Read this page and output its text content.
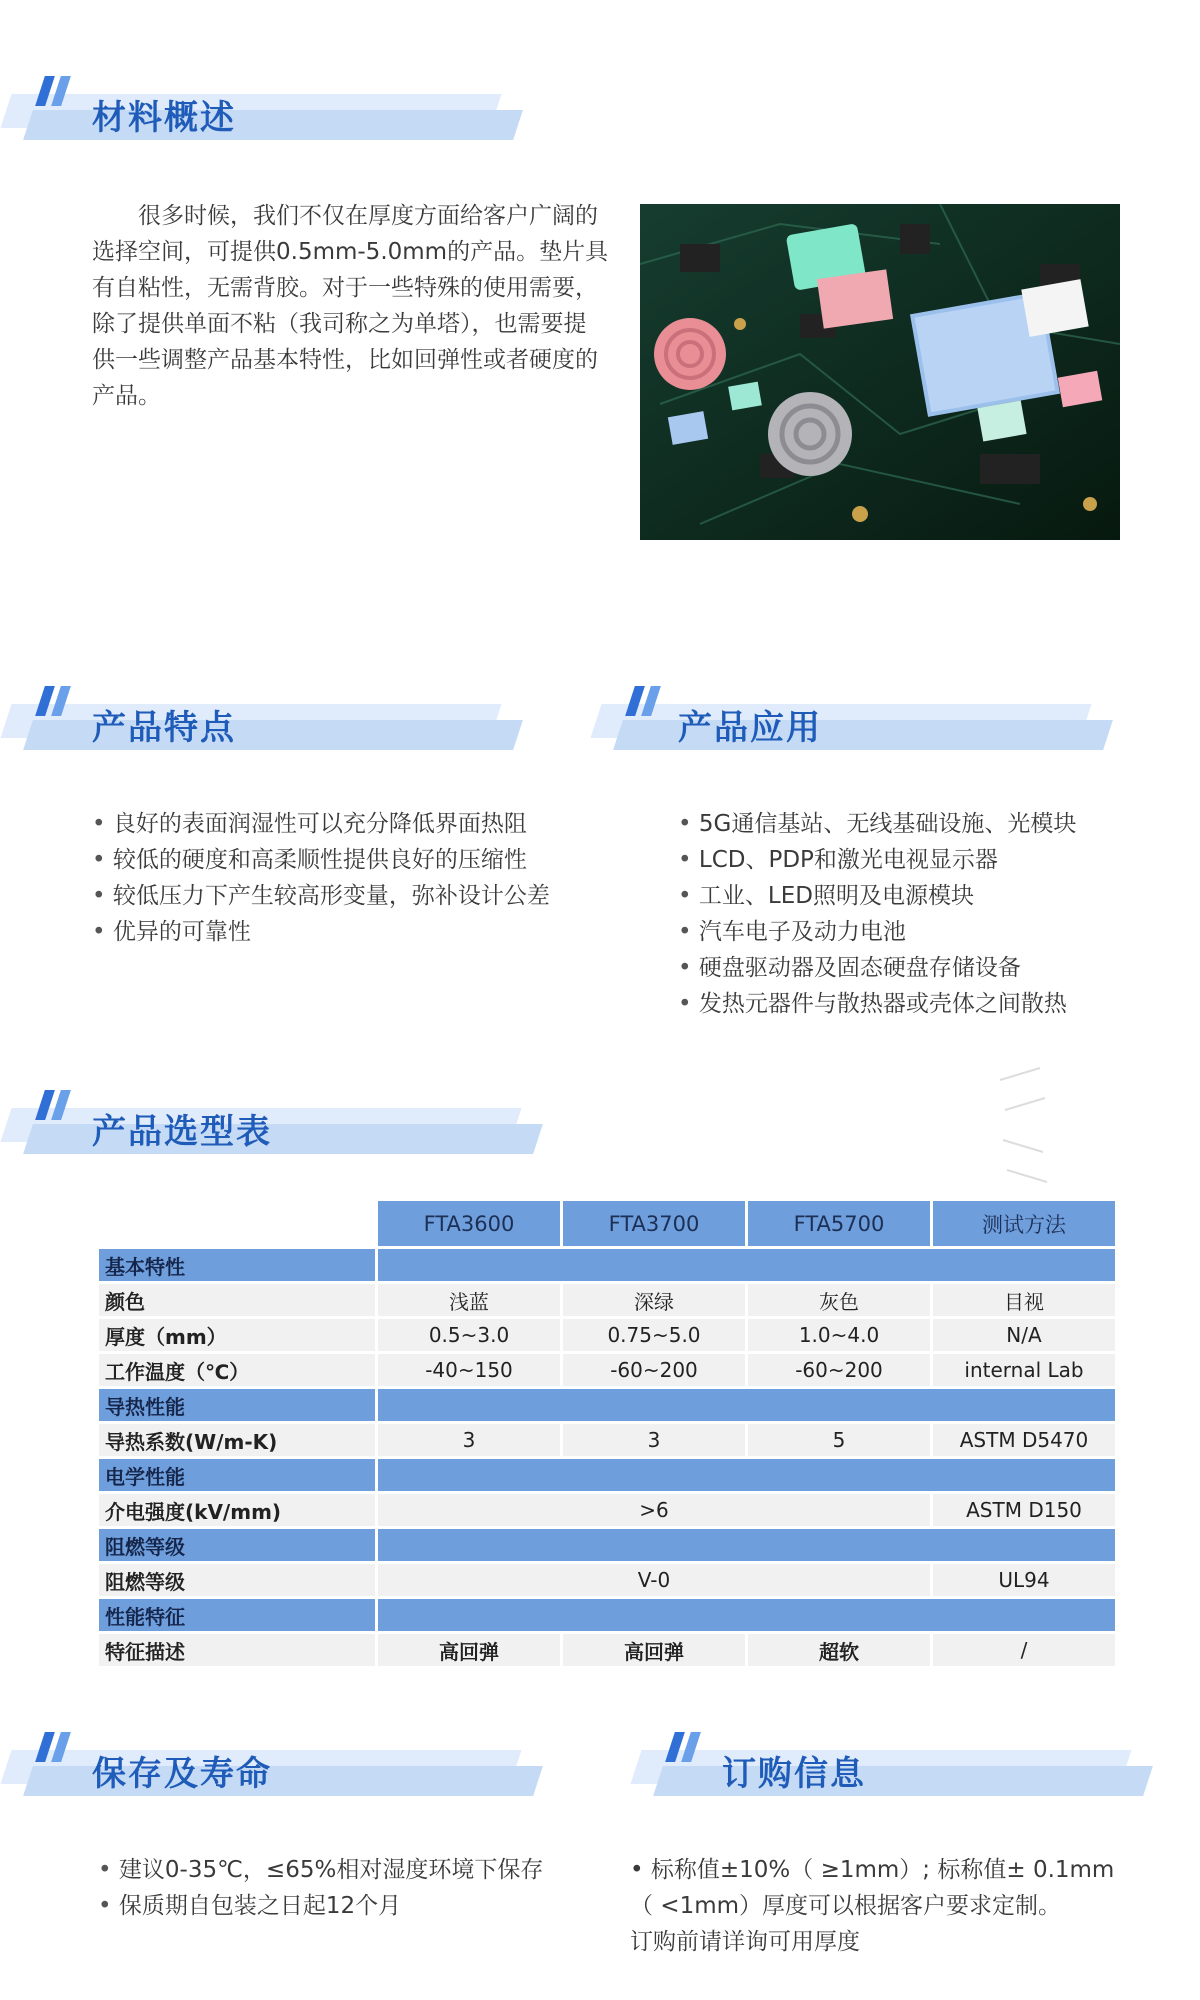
材料概述
很多时候，我们不仅在厚度方面给客户广阔的
选择空间，可提供0.5mm-5.0mm的产品。垫片具
有自粘性，无需背胶。对于一些特殊的使用需要，
除了提供单面不粘（我司称之为单塔），也需要提
供一些调整产品基本特性，比如回弹性或者硬度的
产品。
产品特点
• 良好的表面润湿性可以充分降低界面热阻
• 较低的硬度和高柔顺性提供良好的压缩性
• 较低压力下产生较高形变量，弥补设计公差
• 优异的可靠性
产品应用
• 5G通信基站、无线基础设施、光模块
• LCD、PDP和激光电视显示器
• 工业、LED照明及电源模块
• 汽车电子及动力电池
• 硬盘驱动器及固态硬盘存储设备
• 发热元器件与散热器或壳体之间散热
产品选型表
	FTA3600	FTA3700	FTA5700	测试方法
基本特性				
颜色	浅蓝	深绿	灰色	目视
厚度（mm）	0.5~3.0	0.75~5.0	1.0~4.0	N/A
工作温度（℃）	-40~150	-60~200	-60~200	internal Lab
导热性能				
导热系数(W/m-K)	3	3	5	ASTM D5470
电学性能				
介电强度(kV/mm)	>6			ASTM D150
阻燃等级				
阻燃等级	V-0			UL94
性能特征				
特征描述	高回弹	高回弹	超软	/
保存及寿命
• 建议0-35℃，≤65%相对湿度环境下保存
• 保质期自包装之日起12个月
订购信息
• 标称值±10%（ ≥1mm）; 标称值± 0.1mm
（ <1mm）厚度可以根据客户要求定制。
订购前请详询可用厚度
